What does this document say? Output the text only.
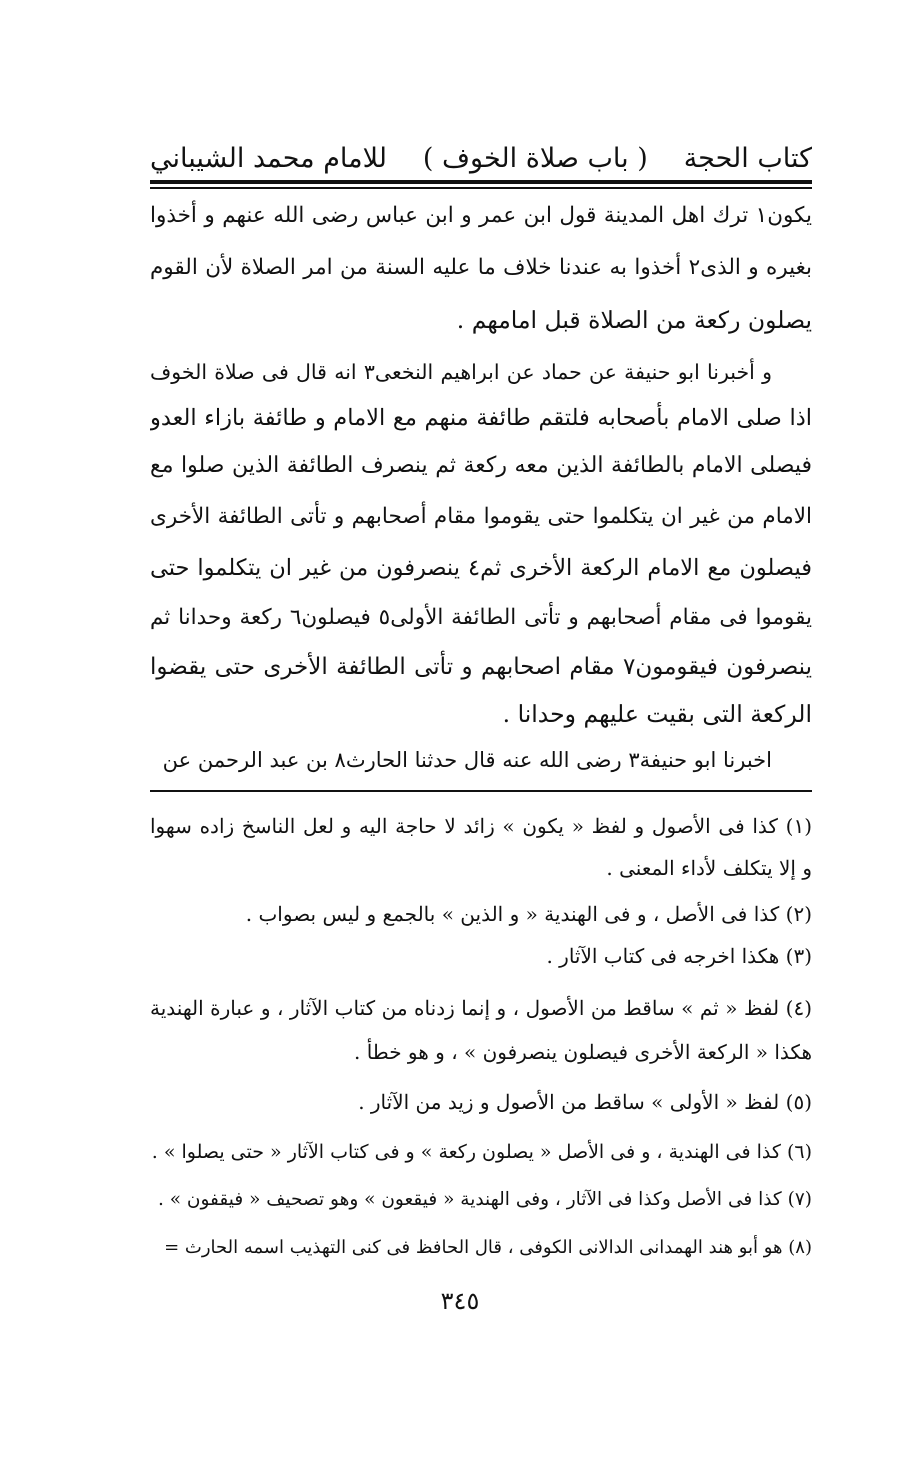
كتاب الحجة
( باب صلاة الخوف )
للامام محمد الشيباني
يكون١ ترك اهل المدينة قول ابن عمر و ابن عباس رضى الله عنهم و أخذوا
بغيره و الذى٢ أخذوا به عندنا خلاف ما عليه السنة من امر الصلاة لأن القوم
يصلون ركعة من الصلاة قبل امامهم .
و أخبرنا ابو حنيفة عن حماد عن ابراهيم النخعى٣ انه قال فى صلاة الخوف
اذا صلى الامام بأصحابه فلتقم طائفة منهم مع الامام و طائفة بازاء العدو
فيصلى الامام بالطائفة الذين معه ركعة ثم ينصرف الطائفة الذين صلوا مع
الامام من غير ان يتكلموا حتى يقوموا مقام أصحابهم و تأتى الطائفة الأخرى
فيصلون مع الامام الركعة الأخرى ثم٤ ينصرفون من غير ان يتكلموا حتى
يقوموا فى مقام أصحابهم و تأتى الطائفة الأولى٥ فيصلون٦ ركعة وحدانا ثم
ينصرفون فيقومون٧ مقام اصحابهم و تأتى الطائفة الأخرى حتى يقضوا
الركعة التى بقيت عليهم وحدانا .
اخبرنا ابو حنيفة٣ رضى الله عنه قال حدثنا الحارث٨ بن عبد الرحمن عن
(١) كذا فى الأصول و لفظ « يكون » زائد لا حاجة اليه و لعل الناسخ زاده سهوا
و إلا يتكلف لأداء المعنى .
(٢) كذا فى الأصل ، و فى الهندية « و الذين » بالجمع و ليس بصواب .
(٣) هكذا اخرجه فى كتاب الآثار .
(٤) لفظ « ثم » ساقط من الأصول ، و إنما زدناه من كتاب الآثار ، و عبارة الهندية
هكذا « الركعة الأخرى فيصلون ينصرفون » ، و هو خطأ .
(٥) لفظ « الأولى » ساقط من الأصول و زيد من الآثار .
(٦) كذا فى الهندية ، و فى الأصل « يصلون ركعة » و فى كتاب الآثار « حتى يصلوا » .
(٧) كذا فى الأصل وكذا فى الآثار ، وفى الهندية « فيقعون » وهو تصحيف « فيقفون » .
(٨) هو أبو هند الهمدانى الدالانى الكوفى ، قال الحافظ فى كنى التهذيب اسمه الحارث =
٣٤٥
